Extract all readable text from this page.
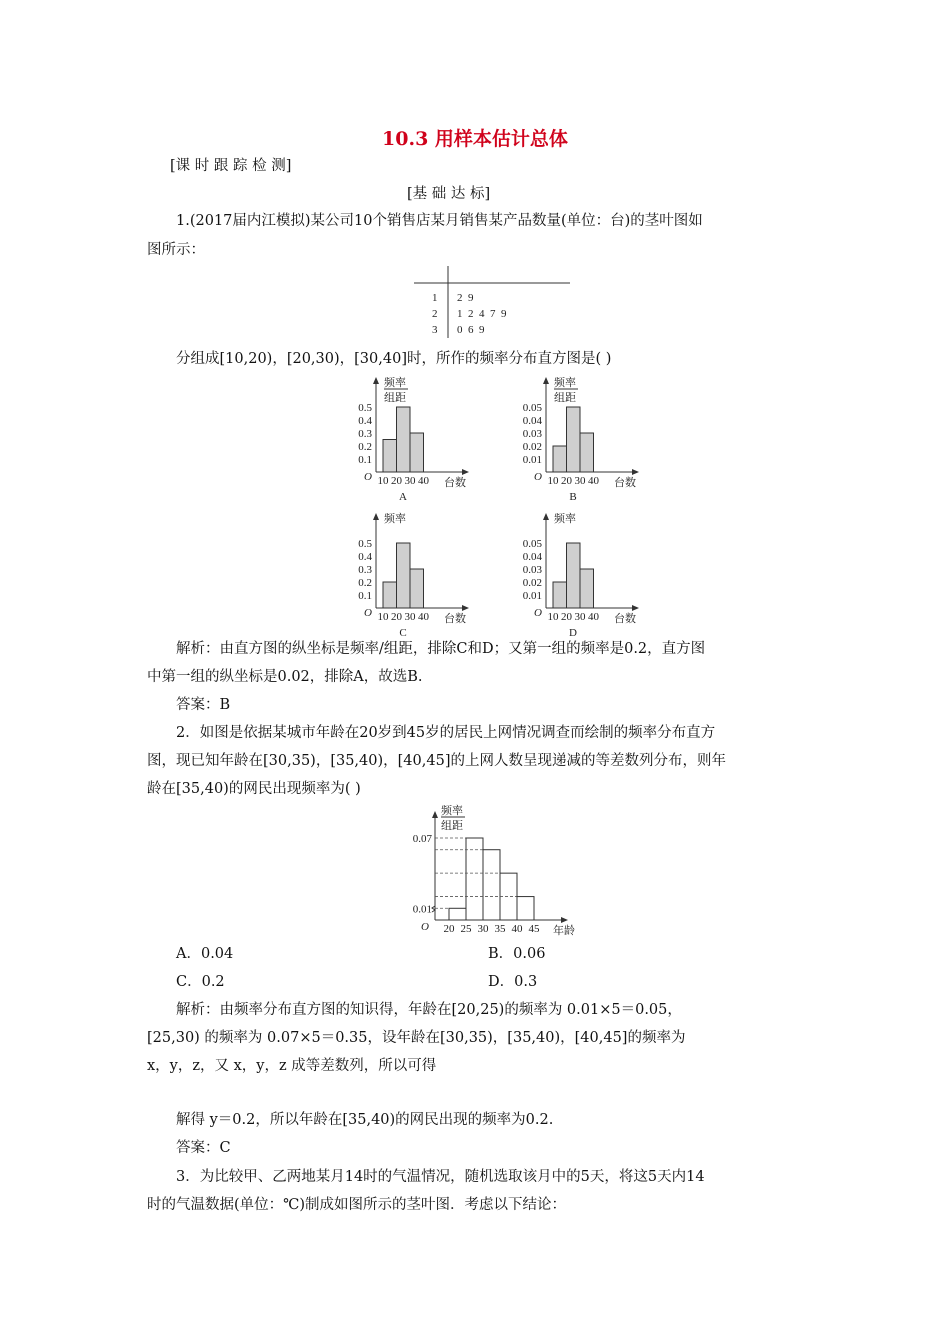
10.3 用样本估计总体
[课 时 跟 踪 检 测]
[基 础 达 标]
1.(2017届内江模拟)某公司10个销售店某月销售某产品数量(单位：台)的茎叶图如
图所示：
1 2  9
2 1  2  4  7  9
3 0  6  9
分组成[10,20)，[20,30)，[30,40]时，所作的频率分布直方图是( )
频率
组距
0.5
0.4
0.3
0.2
0.1
O 10 20 30 40 台数
A
频率
组距
0.05
0.04
0.03
0.02
0.01
O 10 20 30 40 台数
B
频率
0.5
0.4
0.3
0.2
0.1
O 10 20 30 40 台数
C
频率
0.05
0.04
0.03
0.02
0.01
O 10 20 30 40 台数
D
解析：由直方图的纵坐标是频率/组距，排除C和D；又第一组的频率是0.2，直方图
中第一组的纵坐标是0.02，排除A，故选B.
答案：B
2．如图是依据某城市年龄在20岁到45岁的居民上网情况调查而绘制的频率分布直方
图，现已知年龄在[30,35)，[35,40)，[40,45]的上网人数呈现递减的等差数列分布，则年
龄在[35,40)的网民出现频率为( )
频率
组距
O
0.07
0.01
20 25 30 35 40 45 年龄
A．0.04	B．0.06
C．0.2	D．0.3
解析：由频率分布直方图的知识得，年龄在[20,25)的频率为 0.01×5＝0.05，
[25,30) 的频率为 0.07×5＝0.35，设年龄在[30,35)，[35,40)，[40,45]的频率为
x，y，z，又 x，y，z 成等差数列，所以可得
解得 y＝0.2，所以年龄在[35,40)的网民出现的频率为0.2.
答案：C
3．为比较甲、乙两地某月14时的气温情况，随机选取该月中的5天，将这5天内14
时的气温数据(单位：℃)制成如图所示的茎叶图．考虑以下结论：
